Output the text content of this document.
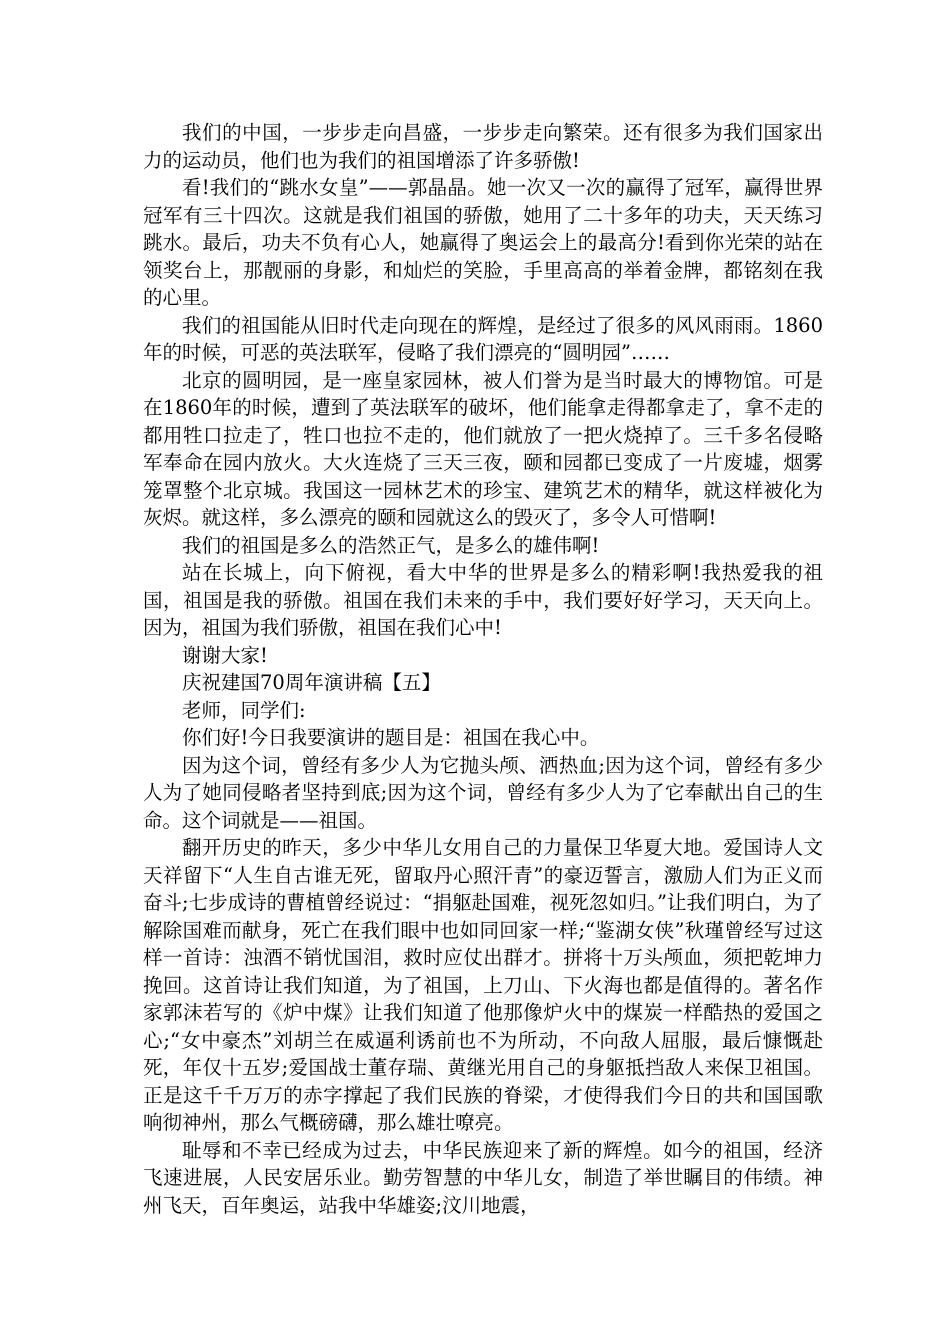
我们的中国，一步步走向昌盛，一步步走向繁荣。还有很多为我们国家出力的运动员，他们也为我们的祖国增添了许多骄傲!

看!我们的“跳水女皇”——郭晶晶。她一次又一次的赢得了冠军，赢得世界冠军有三十四次。这就是我们祖国的骄傲，她用了二十多年的功夫，天天练习跳水。最后，功夫不负有心人，她赢得了奥运会上的最高分!看到你光荣的站在领奖台上，那靓丽的身影，和灿烂的笑脸，手里高高的举着金牌，都铭刻在我的心里。

我们的祖国能从旧时代走向现在的辉煌，是经过了很多的风风雨雨。1860年的时候，可恶的英法联军，侵略了我们漂亮的“圆明园”……

北京的圆明园，是一座皇家园林，被人们誉为是当时最大的博物馆。可是在1860年的时候，遭到了英法联军的破坏，他们能拿走得都拿走了，拿不走的都用牲口拉走了，牲口也拉不走的，他们就放了一把火烧掉了。三千多名侵略军奉命在园内放火。大火连烧了三天三夜，颐和园都已变成了一片废墟，烟雾笼罩整个北京城。我国这一园林艺术的珍宝、建筑艺术的精华，就这样被化为灰烬。就这样，多么漂亮的颐和园就这么的毁灭了，多令人可惜啊!

我们的祖国是多么的浩然正气，是多么的雄伟啊!

站在长城上，向下俯视，看大中华的世界是多么的精彩啊!我热爱我的祖国，祖国是我的骄傲。祖国在我们未来的手中，我们要好好学习，天天向上。因为，祖国为我们骄傲，祖国在我们心中!

谢谢大家!

庆祝建国70周年演讲稿【五】

老师，同学们:

你们好!今日我要演讲的题目是：祖国在我心中。

因为这个词，曾经有多少人为它抛头颅、洒热血;因为这个词，曾经有多少人为了她同侵略者坚持到底;因为这个词，曾经有多少人为了它奉献出自己的生命。这个词就是——祖国。

翻开历史的昨天，多少中华儿女用自己的力量保卫华夏大地。爱国诗人文天祥留下“人生自古谁无死，留取丹心照汗青”的豪迈誓言，激励人们为正义而奋斗;七步成诗的曹植曾经说过：“捐躯赴国难，视死忽如归。”让我们明白，为了解除国难而献身，死亡在我们眼中也如同回家一样;“鉴湖女侠”秋瑾曾经写过这样一首诗：浊酒不销忧国泪，救时应仗出群才。拼将十万头颅血，须把乾坤力挽回。这首诗让我们知道，为了祖国，上刀山、下火海也都是值得的。著名作家郭沫若写的《炉中煤》让我们知道了他那像炉火中的煤炭一样酷热的爱国之心;“女中豪杰”刘胡兰在威逼利诱前也不为所动，不向敌人屈服，最后慷慨赴死，年仅十五岁;爱国战士董存瑞、黄继光用自己的身躯抵挡敌人来保卫祖国。正是这千千万万的赤字撑起了我们民族的脊梁，才使得我们今日的共和国国歌响彻神州，那么气概磅礴，那么雄壮嘹亮。

耻辱和不幸已经成为过去，中华民族迎来了新的辉煌。如今的祖国，经济飞速进展，人民安居乐业。勤劳智慧的中华儿女，制造了举世瞩目的伟绩。神州飞天，百年奥运，站我中华雄姿;汶川地震，
